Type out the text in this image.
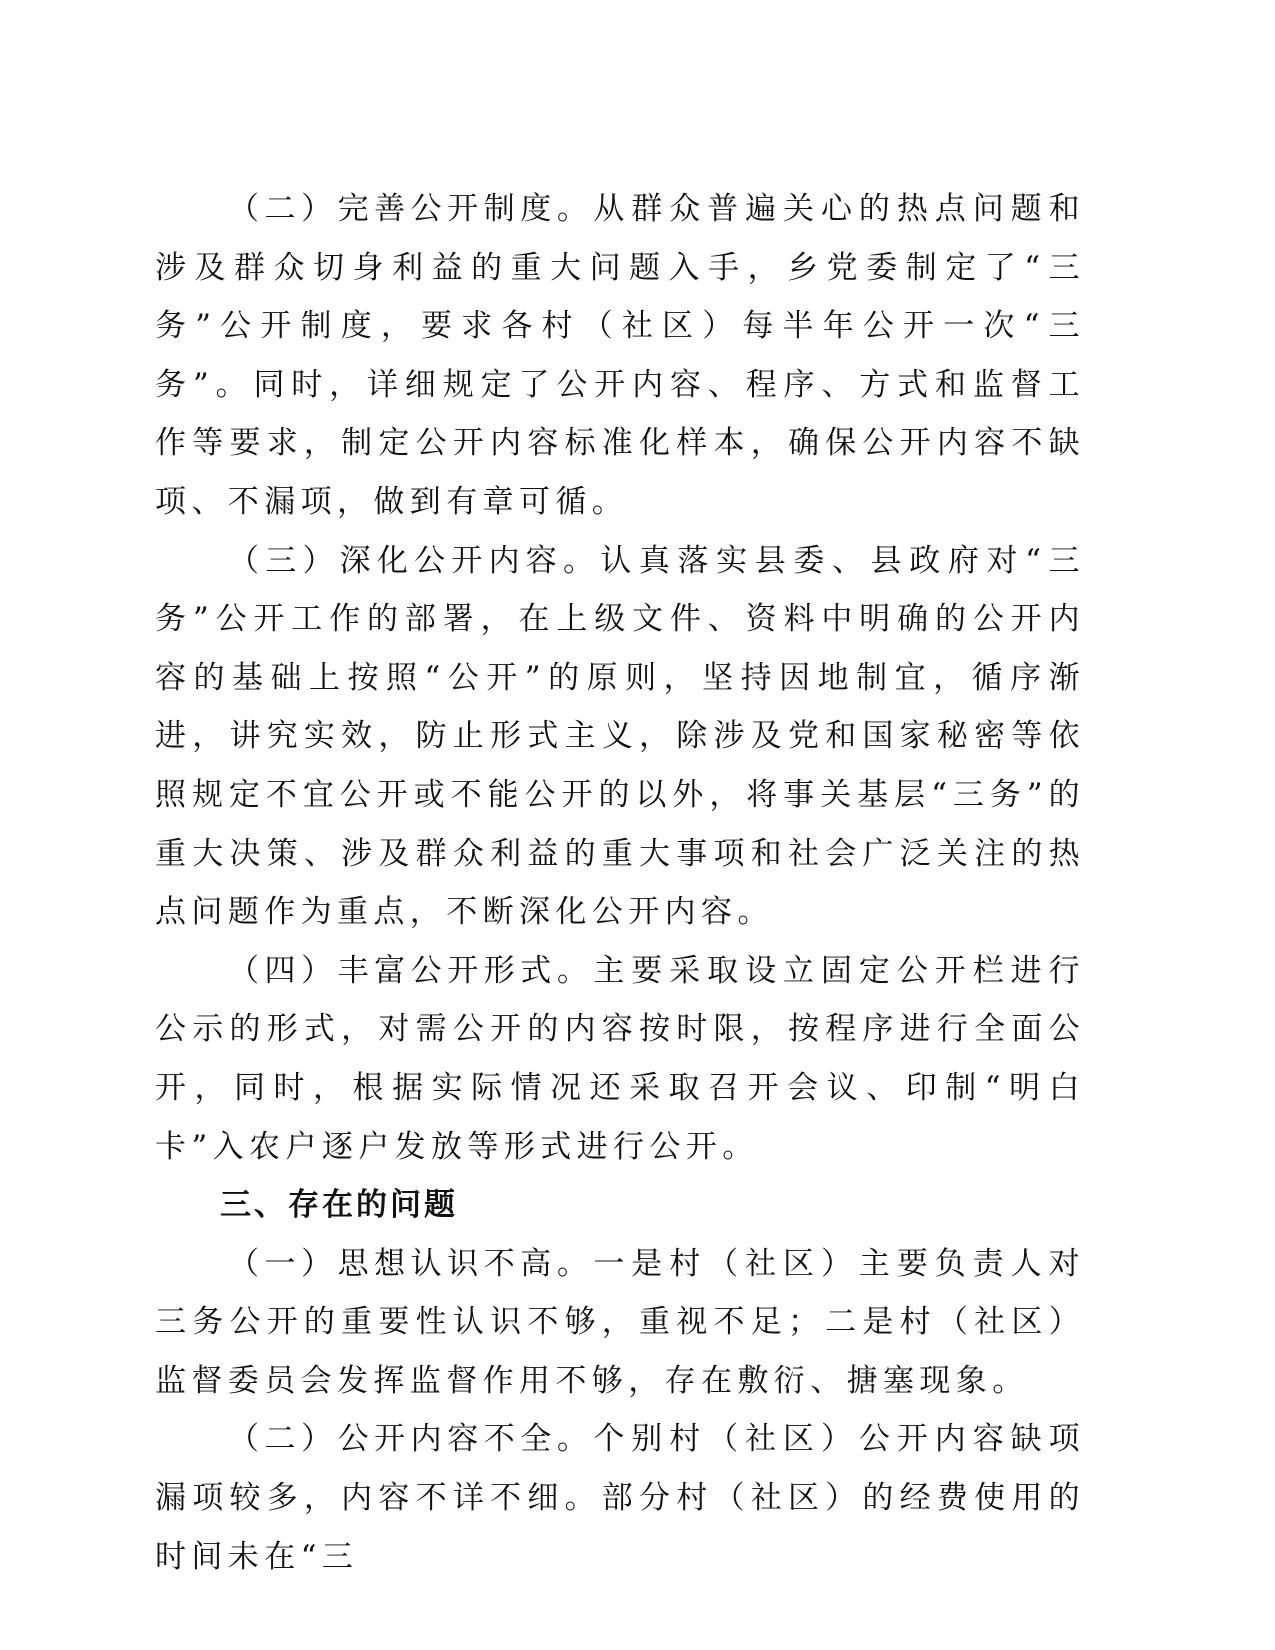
（二）完善公开制度。从群众普遍关心的热点问题和涉及群众切身利益的重大问题入手，乡党委制定了“三务”公开制度，要求各村（社区）每半年公开一次“三务”。同时，详细规定了公开内容、程序、方式和监督工作等要求，制定公开内容标准化样本，确保公开内容不缺项、不漏项，做到有章可循。

（三）深化公开内容。认真落实县委、县政府对“三务”公开工作的部署，在上级文件、资料中明确的公开内容的基础上按照“公开”的原则，坚持因地制宜，循序渐进，讲究实效，防止形式主义，除涉及党和国家秘密等依照规定不宜公开或不能公开的以外，将事关基层“三务”的重大决策、涉及群众利益的重大事项和社会广泛关注的热点问题作为重点，不断深化公开内容。

（四）丰富公开形式。主要采取设立固定公开栏进行公示的形式，对需公开的内容按时限，按程序进行全面公开，同时，根据实际情况还采取召开会议、印制“明白卡”入农户逐户发放等形式进行公开。

三、存在的问题

（一）思想认识不高。一是村（社区）主要负责人对三务公开的重要性认识不够，重视不足；二是村（社区）监督委员会发挥监督作用不够，存在敷衍、搪塞现象。

（二）公开内容不全。个别村（社区）公开内容缺项漏项较多，内容不详不细。部分村（社区）的经费使用的时间未在“三
